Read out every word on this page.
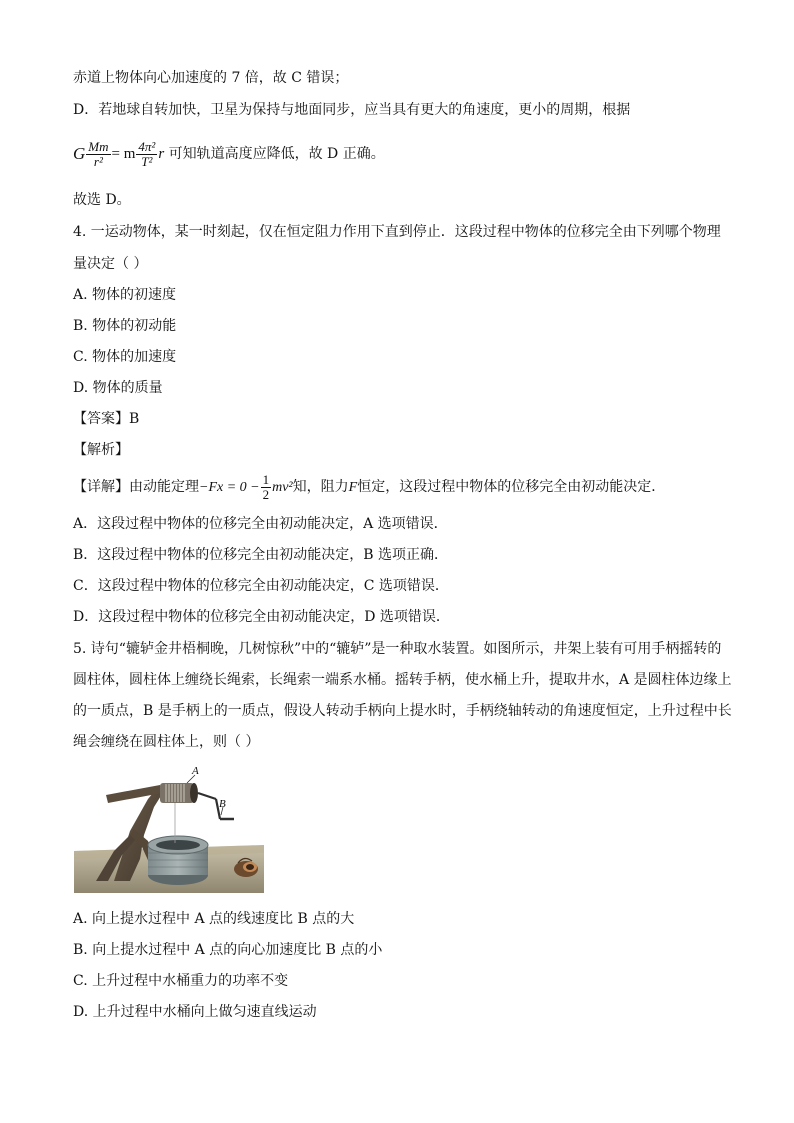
赤道上物体向心加速度的 7 倍，故 C 错误；
D．若地球自转加快，卫星为保持与地面同步，应当具有更大的角速度，更小的周期，根据
G $\frac{Mm}{\text{r²}} = m \frac{\text{4π²}}{\text{T²}}$ r 可知轨道高度应降低，故 D 正确。
故选 D。
4. 一运动物体，某一时刻起，仅在恒定阻力作用下直到停止．这段过程中物体的位移完全由下列哪个物理
量决定（ ）
A. 物体的初速度
B. 物体的初动能
C. 物体的加速度
D. 物体的质量
【答案】B
【解析】
【详解】由动能定理$-Fx = 0 - \frac{1}{2} mv^2$知，阻力F恒定，这段过程中物体的位移完全由初动能决定．
A．这段过程中物体的位移完全由初动能决定，A 选项错误．
B．这段过程中物体的位移完全由初动能决定，B 选项正确．
C．这段过程中物体的位移完全由初动能决定，C 选项错误．
D．这段过程中物体的位移完全由初动能决定，D 选项错误．
5. 诗句“辘轳金井梧桐晚，几树惊秋”中的“辘轳”是一种取水装置。如图所示，井架上装有可用手柄摇转的
圆柱体，圆柱体上缠绕长绳索，长绳索一端系水桶。摇转手柄，使水桶上升，提取井水，A 是圆柱体边缘上
的一质点，B 是手柄上的一质点，假设人转动手柄向上提水时，手柄绕轴转动的角速度恒定，上升过程中长
绳会缠绕在圆柱体上，则（ ）
A
B
A. 向上提水过程中 A 点的线速度比 B 点的大
B. 向上提水过程中 A 点的向心加速度比 B 点的小
C. 上升过程中水桶重力的功率不变
D. 上升过程中水桶向上做匀速直线运动
